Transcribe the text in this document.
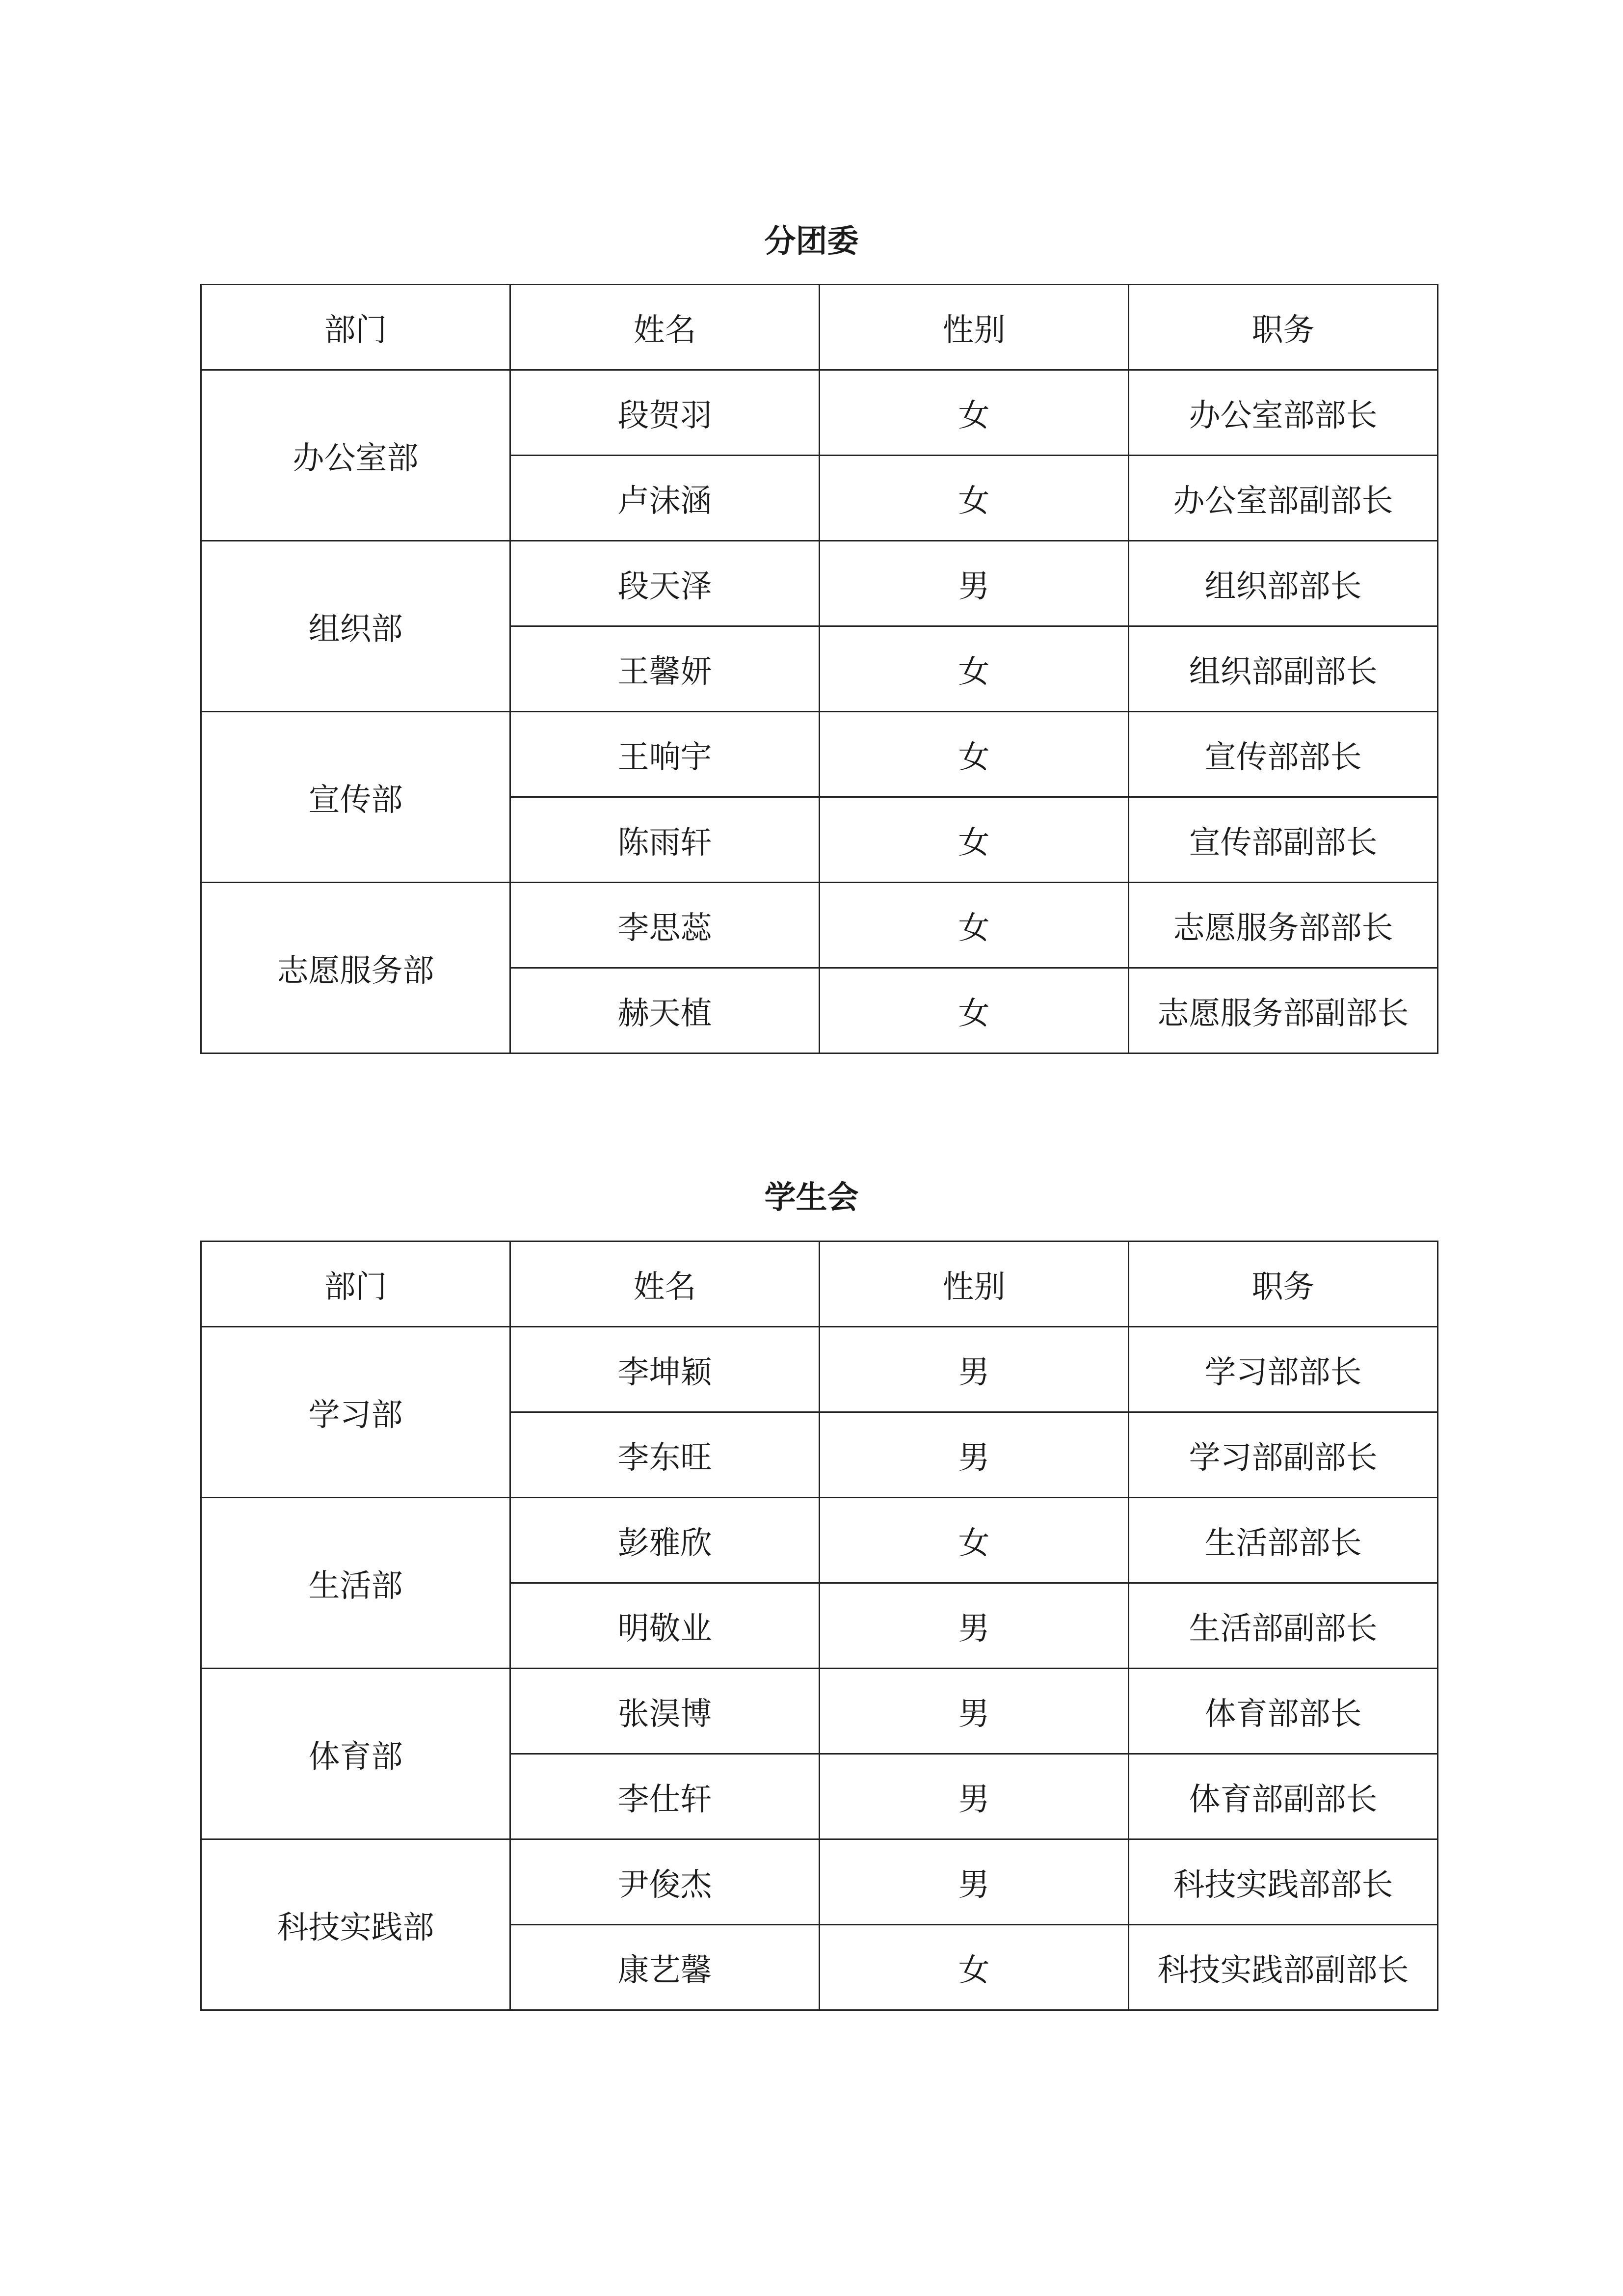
分团委
部门	姓名	性别	职务
办公室部	段贺羽	女	办公室部部长
	卢沫涵	女	办公室部副部长
组织部	段天泽	男	组织部部长
	王馨妍	女	组织部副部长
宣传部	王响宇	女	宣传部部长
	陈雨轩	女	宣传部副部长
志愿服务部	李思蕊	女	志愿服务部部长
	赫天植	女	志愿服务部副部长
学生会
部门	姓名	性别	职务
学习部	李坤颖	男	学习部部长
	李东旺	男	学习部副部长
生活部	彭雅欣	女	生活部部长
	明敬业	男	生活部副部长
体育部	张淏博	男	体育部部长
	李仕轩	男	体育部副部长
科技实践部	尹俊杰	男	科技实践部部长
	康艺馨	女	科技实践部副部长
